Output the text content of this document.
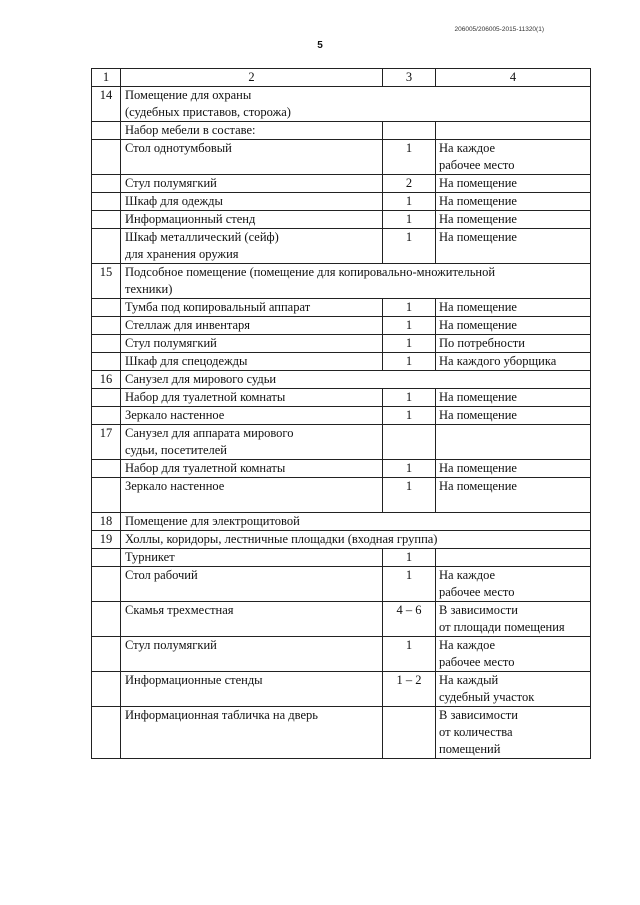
206005/206005-2015-11320(1)
5
1	2	3	4
14	Помещение для охраны
(судебных приставов, сторожа)		

	Набор мебели в составе:		

	Стол однотумбовый	1	На каждое
рабочее место

	Стул полумягкий	2	На помещение

	Шкаф для одежды	1	На помещение

	Информационный стенд	1	На помещение

	Шкаф металлический (сейф)
для хранения оружия	1	На помещение

15	Подсобное помещение (помещение для копировально-множительной
техники)		

	Тумба под копировальный аппарат	1	На помещение

	Стеллаж для инвентаря	1	На помещение

	Стул полумягкий	1	По потребности

	Шкаф для спецодежды	1	На каждого уборщика

16	Санузел для мирового судьи		

	Набор для туалетной комнаты	1	На помещение

	Зеркало настенное	1	На помещение

17	Санузел для аппарата мирового
судьи, посетителей		

	Набор для туалетной комнаты	1	На помещение

	Зеркало настенное	1	На помещение

18	Помещение для электрощитовой		

19	Холлы, коридоры, лестничные площадки (входная группа)		

	Турникет	1	

	Стол рабочий	1	На каждое
рабочее место

	Скамья трехместная	4 – 6	В зависимости
от площади помещения

	Стул полумягкий	1	На каждое
рабочее место

	Информационные стенды	1 – 2	На каждый
судебный участок

	Информационная табличка на дверь		В зависимости
от количества
помещений
